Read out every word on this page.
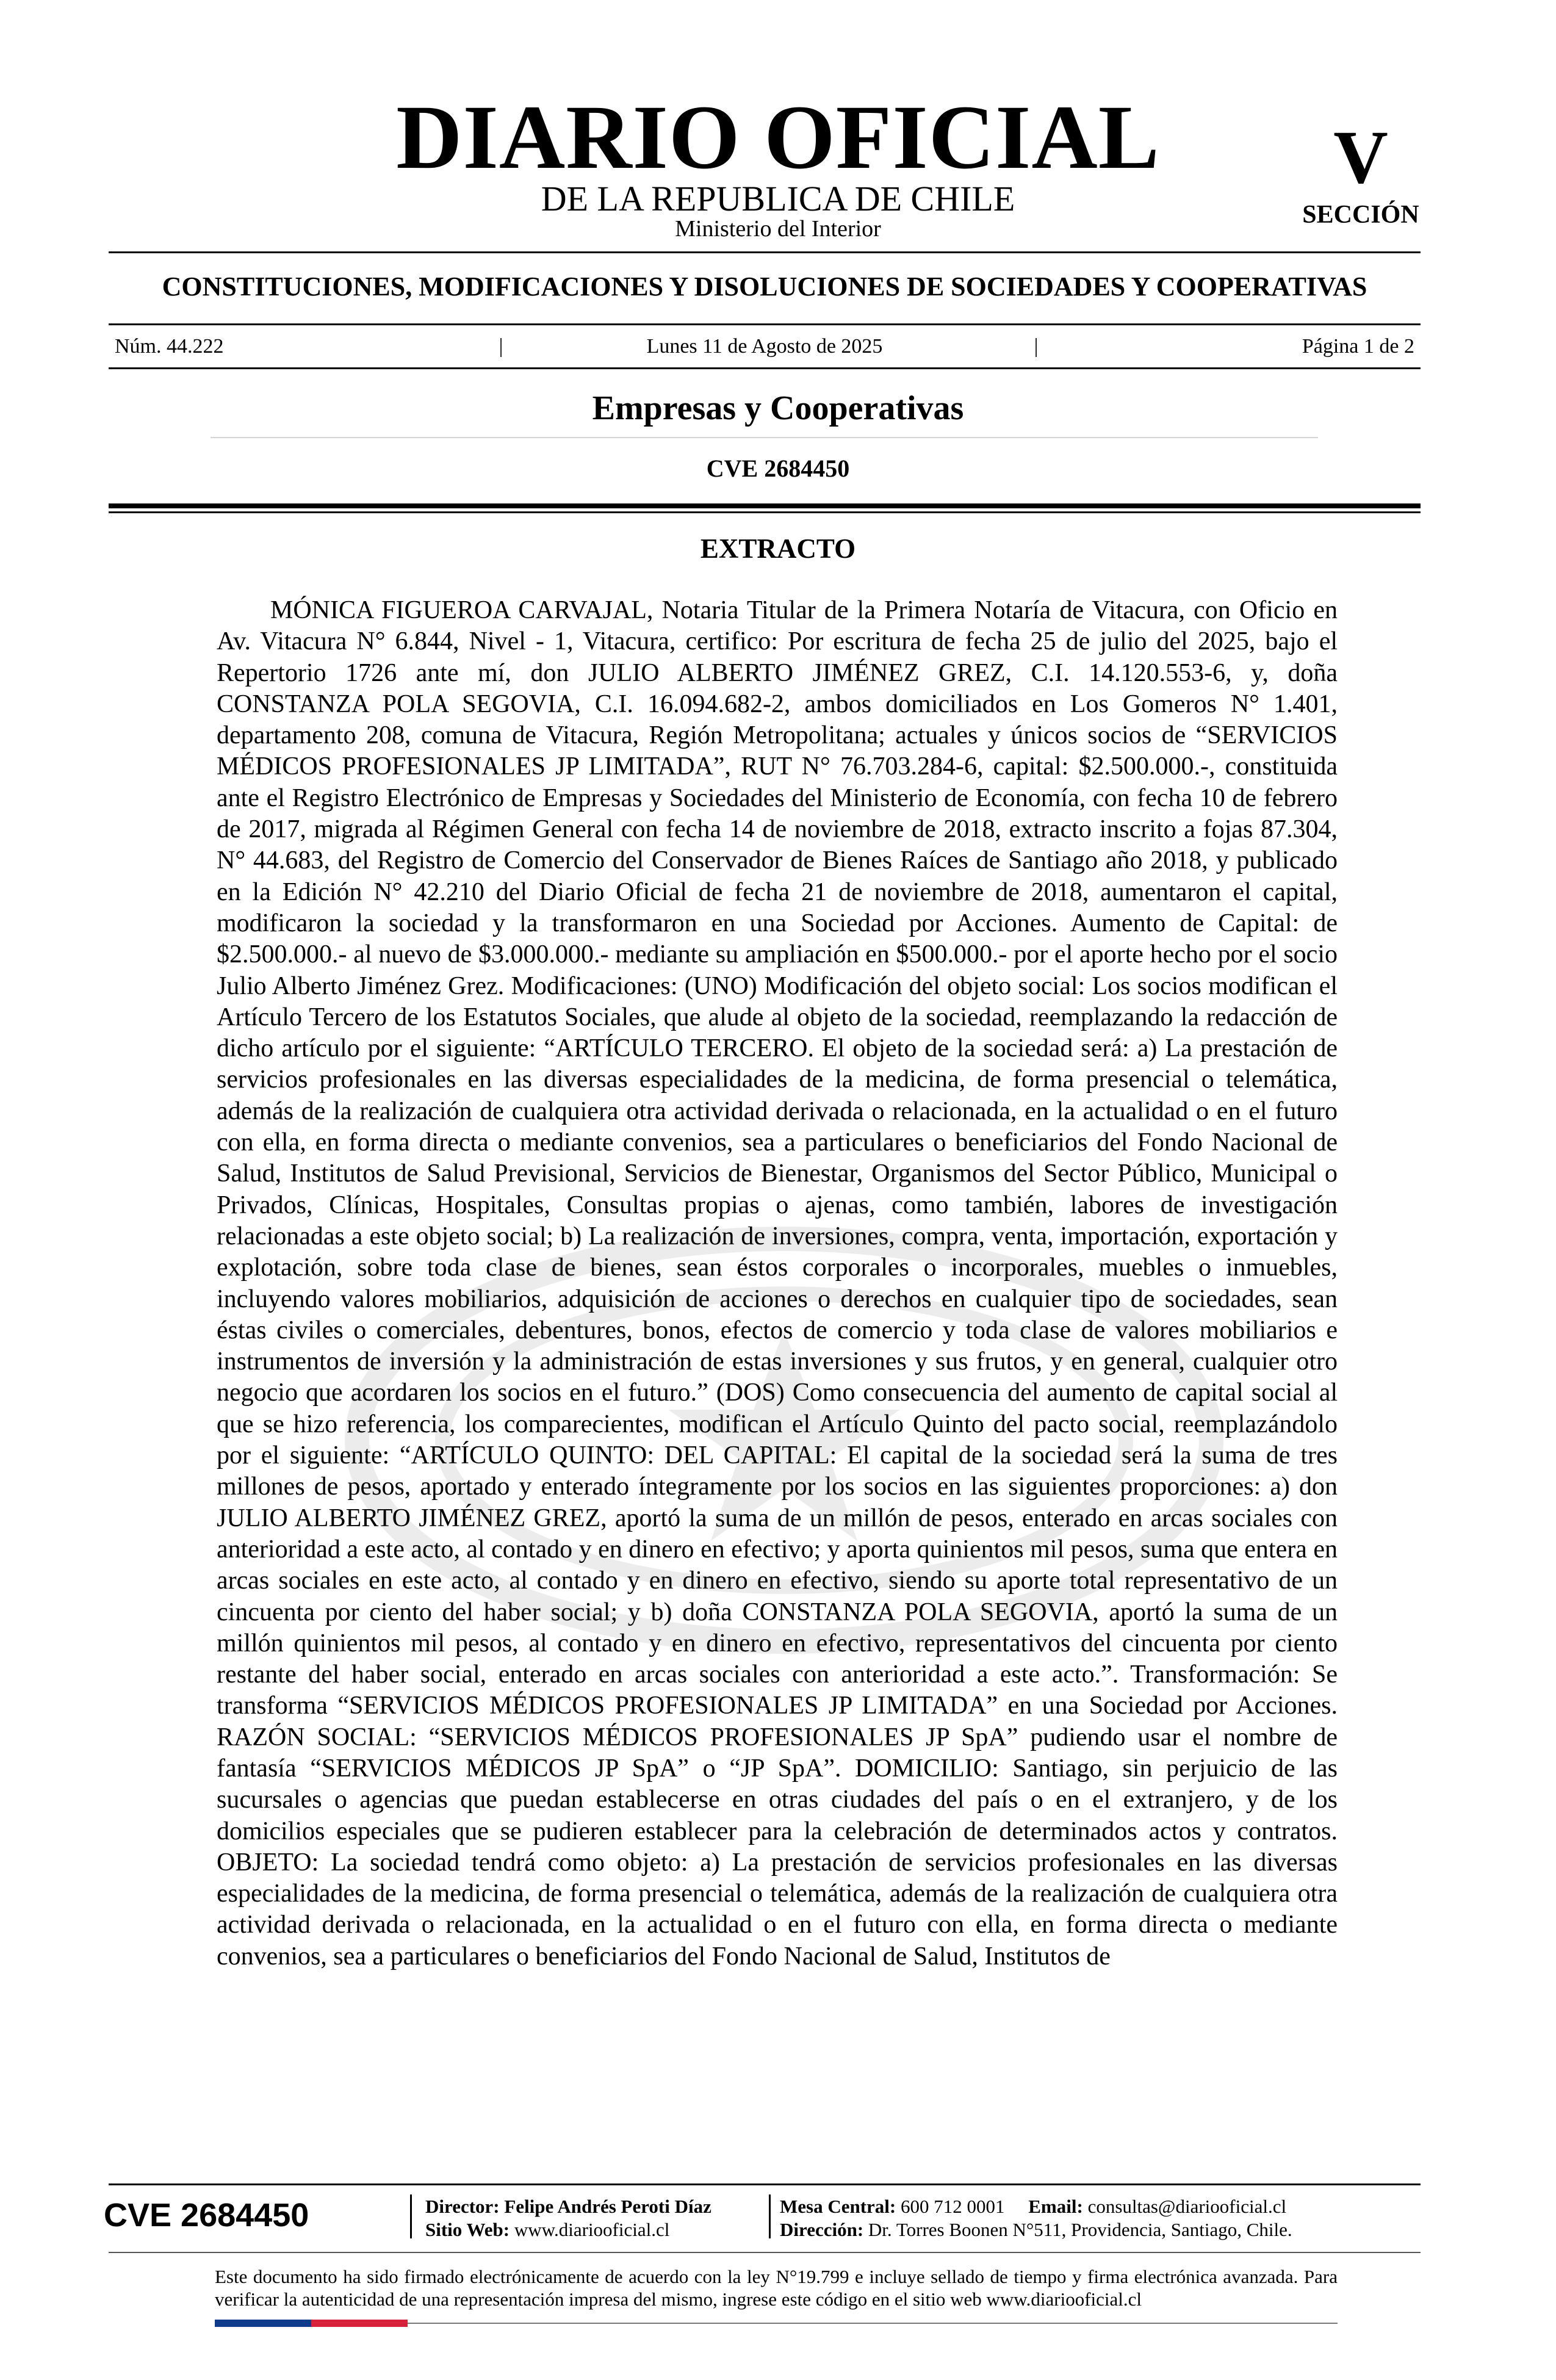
DIARIO OFICIAL
DE LA REPUBLICA DE CHILE
Ministerio del Interior
V
SECCIÓN
CONSTITUCIONES, MODIFICACIONES Y DISOLUCIONES DE SOCIEDADES Y COOPERATIVAS
Núm. 44.222	|	Lunes 11 de Agosto de 2025	|	Página 1 de 2
Empresas y Cooperativas
CVE 2684450
EXTRACTO

MÓNICA FIGUEROA CARVAJAL, Notaria Titular de la Primera Notaría de Vitacura, con Oficio en Av. Vitacura N° 6.844, Nivel - 1, Vitacura, certifico: Por escritura de fecha 25 de julio del 2025, bajo el Repertorio 1726 ante mí, don JULIO ALBERTO JIMÉNEZ GREZ, C.I. 14.120.553-6, y, doña CONSTANZA POLA SEGOVIA, C.I. 16.094.682-2, ambos domiciliados en Los Gomeros N° 1.401, departamento 208, comuna de Vitacura, Región Metropolitana; actuales y únicos socios de “SERVICIOS MÉDICOS PROFESIONALES JP LIMITADA”, RUT N° 76.703.284-6, capital: $2.500.000.-, constituida ante el Registro Electrónico de Empresas y Sociedades del Ministerio de Economía, con fecha 10 de febrero de 2017, migrada al Régimen General con fecha 14 de noviembre de 2018, extracto inscrito a fojas 87.304, N° 44.683, del Registro de Comercio del Conservador de Bienes Raíces de Santiago año 2018, y publicado en la Edición N° 42.210 del Diario Oficial de fecha 21 de noviembre de 2018, aumentaron el capital, modificaron la sociedad y la transformaron en una Sociedad por Acciones. Aumento de Capital: de $2.500.000.- al nuevo de $3.000.000.- mediante su ampliación en $500.000.- por el aporte hecho por el socio Julio Alberto Jiménez Grez. Modificaciones: (UNO) Modificación del objeto social: Los socios modifican el Artículo Tercero de los Estatutos Sociales, que alude al objeto de la sociedad, reemplazando la redacción de dicho artículo por el siguiente: “ARTÍCULO TERCERO. El objeto de la sociedad será: a) La prestación de servicios profesionales en las diversas especialidades de la medicina, de forma presencial o telemática, además de la realización de cualquiera otra actividad derivada o relacionada, en la actualidad o en el futuro con ella, en forma directa o mediante convenios, sea a particulares o beneficiarios del Fondo Nacional de Salud, Institutos de Salud Previsional, Servicios de Bienestar, Organismos del Sector Público, Municipal o Privados, Clínicas, Hospitales, Consultas propias o ajenas, como también, labores de investigación relacionadas a este objeto social; b) La realización de inversiones, compra, venta, importación, exportación y explotación, sobre toda clase de bienes, sean éstos corporales o incorporales, muebles o inmuebles, incluyendo valores mobiliarios, adquisición de acciones o derechos en cualquier tipo de sociedades, sean éstas civiles o comerciales, debentures, bonos, efectos de comercio y toda clase de valores mobiliarios e instrumentos de inversión y la administración de estas inversiones y sus frutos, y en general, cualquier otro negocio que acordaren los socios en el futuro.” (DOS) Como consecuencia del aumento de capital social al que se hizo referencia, los comparecientes, modifican el Artículo Quinto del pacto social, reemplazándolo por el siguiente: “ARTÍCULO QUINTO: DEL CAPITAL: El capital de la sociedad será la suma de tres millones de pesos, aportado y enterado íntegramente por los socios en las siguientes proporciones: a) don JULIO ALBERTO JIMÉNEZ GREZ, aportó la suma de un millón de pesos, enterado en arcas sociales con anterioridad a este acto, al contado y en dinero en efectivo; y aporta quinientos mil pesos, suma que entera en arcas sociales en este acto, al contado y en dinero en efectivo, siendo su aporte total representativo de un cincuenta por ciento del haber social; y b) doña CONSTANZA POLA SEGOVIA, aportó la suma de un millón quinientos mil pesos, al contado y en dinero en efectivo, representativos del cincuenta por ciento restante del haber social, enterado en arcas sociales con anterioridad a este acto.”. Transformación: Se transforma “SERVICIOS MÉDICOS PROFESIONALES JP LIMITADA” en una Sociedad por Acciones. RAZÓN SOCIAL: “SERVICIOS MÉDICOS PROFESIONALES JP SpA” pudiendo usar el nombre de fantasía “SERVICIOS MÉDICOS JP SpA” o “JP SpA”. DOMICILIO: Santiago, sin perjuicio de las sucursales o agencias que puedan establecerse en otras ciudades del país o en el extranjero, y de los domicilios especiales que se pudieren establecer para la celebración de determinados actos y contratos. OBJETO: La sociedad tendrá como objeto: a) La prestación de servicios profesionales en las diversas especialidades de la medicina, de forma presencial o telemática, además de la realización de cualquiera otra actividad derivada o relacionada, en la actualidad o en el futuro con ella, en forma directa o mediante convenios, sea a particulares o beneficiarios del Fondo Nacional de Salud, Institutos de

CVE 2684450	Director: Felipe Andrés Peroti Díaz
Sitio Web: www.diariooficial.cl
Mesa Central: 600 712 0001 Email: consultas@diariooficial.cl
Dirección: Dr. Torres Boonen N°511, Providencia, Santiago, Chile.

Este documento ha sido firmado electrónicamente de acuerdo con la ley N°19.799 e incluye sellado de tiempo y firma electrónica avanzada. Para verificar la autenticidad de una representación impresa del mismo, ingrese este código en el sitio web www.diariooficial.cl
